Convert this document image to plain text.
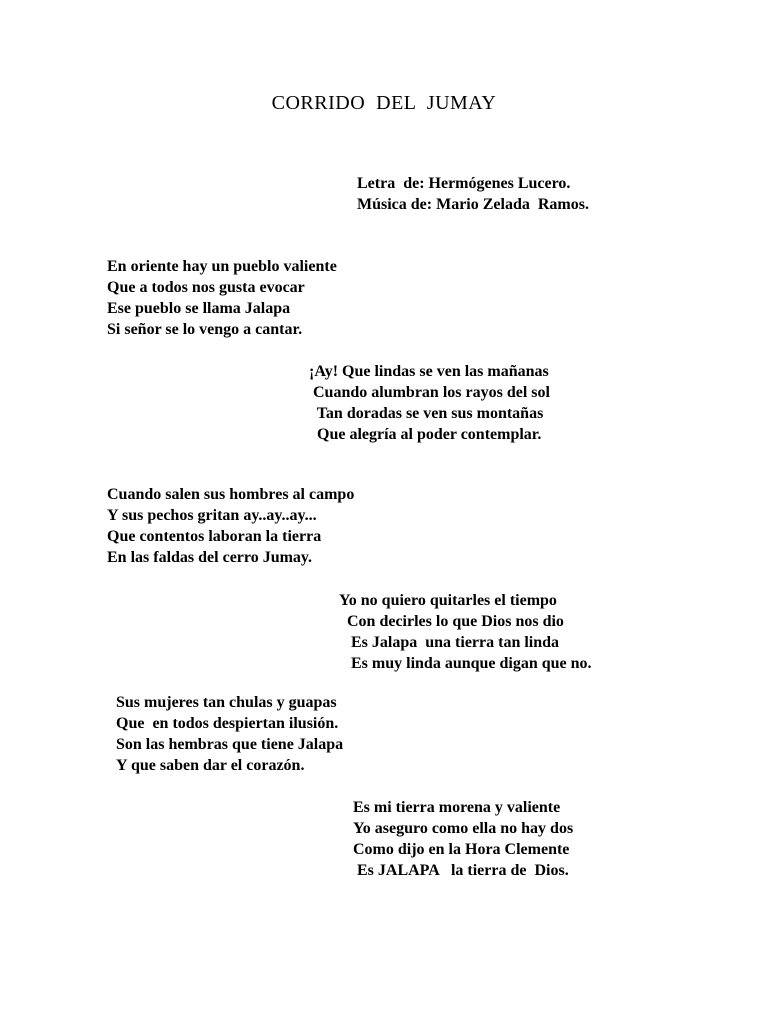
CORRIDO  DEL  JUMAY
Letra  de: Hermógenes Lucero.
Música de: Mario Zelada  Ramos.
En oriente hay un pueblo valiente
Que a todos nos gusta evocar
Ese pueblo se llama Jalapa
Si señor se lo vengo a cantar.
¡Ay! Que lindas se ven las mañanas
Cuando alumbran los rayos del sol
Tan doradas se ven sus montañas
Que alegría al poder contemplar.
Cuando salen sus hombres al campo
Y sus pechos gritan ay..ay..ay...
Que contentos laboran la tierra
En las faldas del cerro Jumay.
Yo no quiero quitarles el tiempo
Con decirles lo que Dios nos dio
Es Jalapa  una tierra tan linda
Es muy linda aunque digan que no.
Sus mujeres tan chulas y guapas
Que  en todos despiertan ilusión.
Son las hembras que tiene Jalapa
Y que saben dar el corazón.
Es mi tierra morena y valiente
Yo aseguro como ella no hay dos
Como dijo en la Hora Clemente
Es JALAPA   la tierra de  Dios.
